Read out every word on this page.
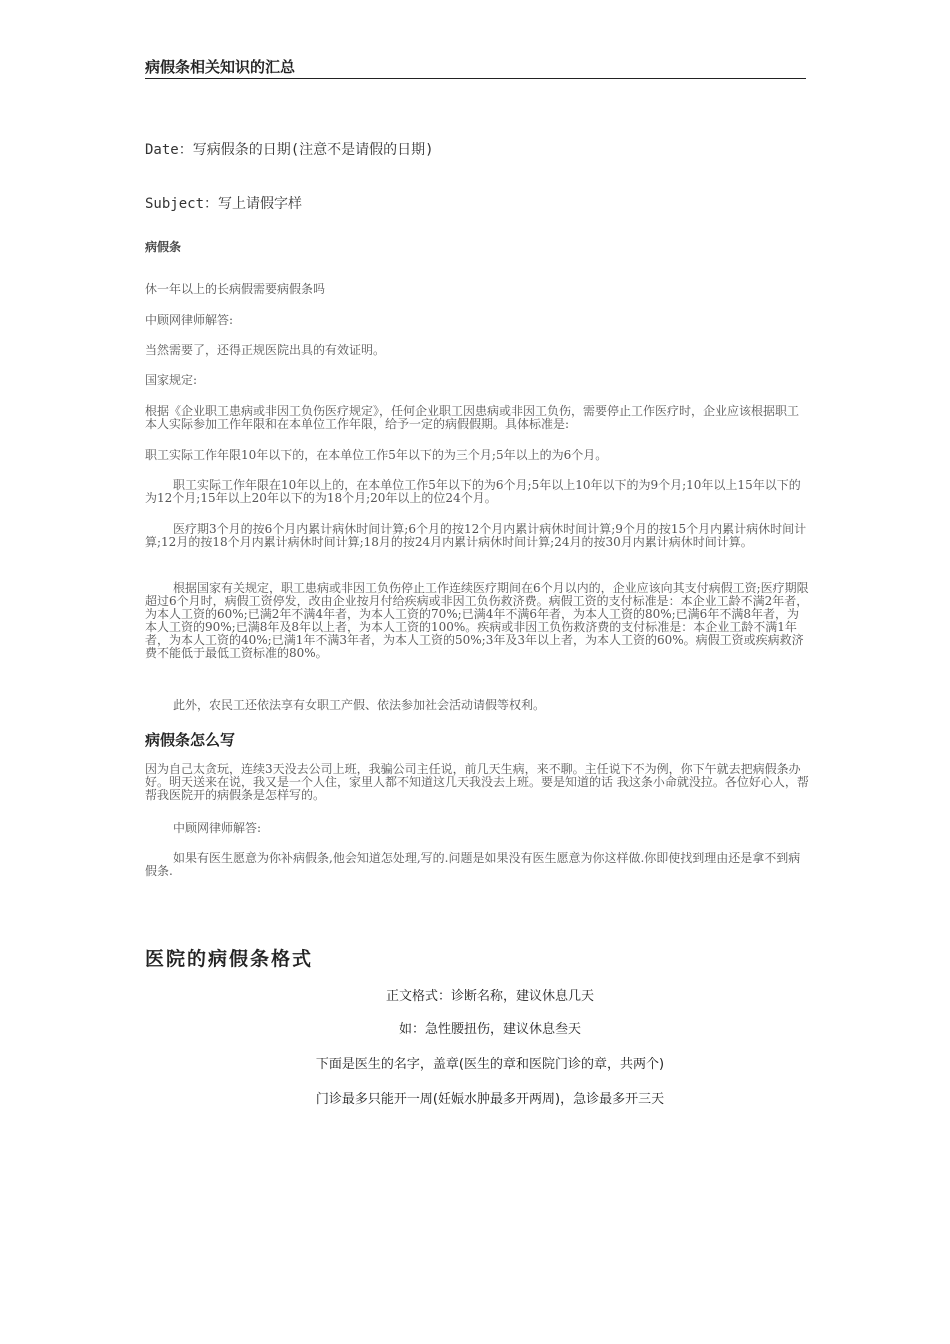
病假条相关知识的汇总

Date：写病假条的日期(注意不是请假的日期)

Subject：写上请假字样

病假条

休一年以上的长病假需要病假条吗

中顾网律师解答:

当然需要了，还得正规医院出具的有效证明。

国家规定:

根据《企业职工患病或非因工负伤医疗规定》，任何企业职工因患病或非因工负伤，需要停止工作医疗时，企业应该根据职工本人实际参加工作年限和在本单位工作年限，给予一定的病假假期。具体标准是:

职工实际工作年限10年以下的，在本单位工作5年以下的为三个月;5年以上的为6个月。

职工实际工作年限在10年以上的，在本单位工作5年以下的为6个月;5年以上10年以下的为9个月;10年以上15年以下的为12个月;15年以上20年以下的为18个月;20年以上的位24个月。

医疗期3个月的按6个月内累计病休时间计算;6个月的按12个月内累计病休时间计算;9个月的按15个月内累计病休时间计算;12月的按18个月内累计病休时间计算;18月的按24月内累计病休时间计算;24月的按30月内累计病休时间计算。

根据国家有关规定，职工患病或非因工负伤停止工作连续医疗期间在6个月以内的，企业应该向其支付病假工资;医疗期限超过6个月时，病假工资停发，改由企业按月付给疾病或非因工负伤救济费。病假工资的支付标准是：本企业工龄不满2年者，为本人工资的60%;已满2年不满4年者，为本人工资的70%;已满4年不满6年者，为本人工资的80%;已满6年不满8年者，为本人工资的90%;已满8年及8年以上者，为本人工资的100%。疾病或非因工负伤救济费的支付标准是：本企业工龄不满1年者，为本人工资的40%;已满1年不满3年者，为本人工资的50%;3年及3年以上者，为本人工资的60%。病假工资或疾病救济费不能低于最低工资标准的80%。

此外，农民工还依法享有女职工产假、依法参加社会活动请假等权利。

病假条怎么写

因为自己太贪玩，连续3天没去公司上班，我骗公司主任说，前几天生病，来不聊。主任说下不为例，你下午就去把病假条办好。明天送来在说，我又是一个人住，家里人都不知道这几天我没去上班。要是知道的话 我这条小命就没拉。各位好心人，帮帮我医院开的病假条是怎样写的。

中顾网律师解答:

如果有医生愿意为你补病假条,他会知道怎处理,写的.问题是如果没有医生愿意为你这样做.你即使找到理由还是拿不到病假条.

医院的病假条格式
正文格式：诊断名称，建议休息几天
如：急性腰扭伤，建议休息叁天
下面是医生的名字，盖章(医生的章和医院门诊的章，共两个)
门诊最多只能开一周(妊娠水肿最多开两周)，急诊最多开三天
